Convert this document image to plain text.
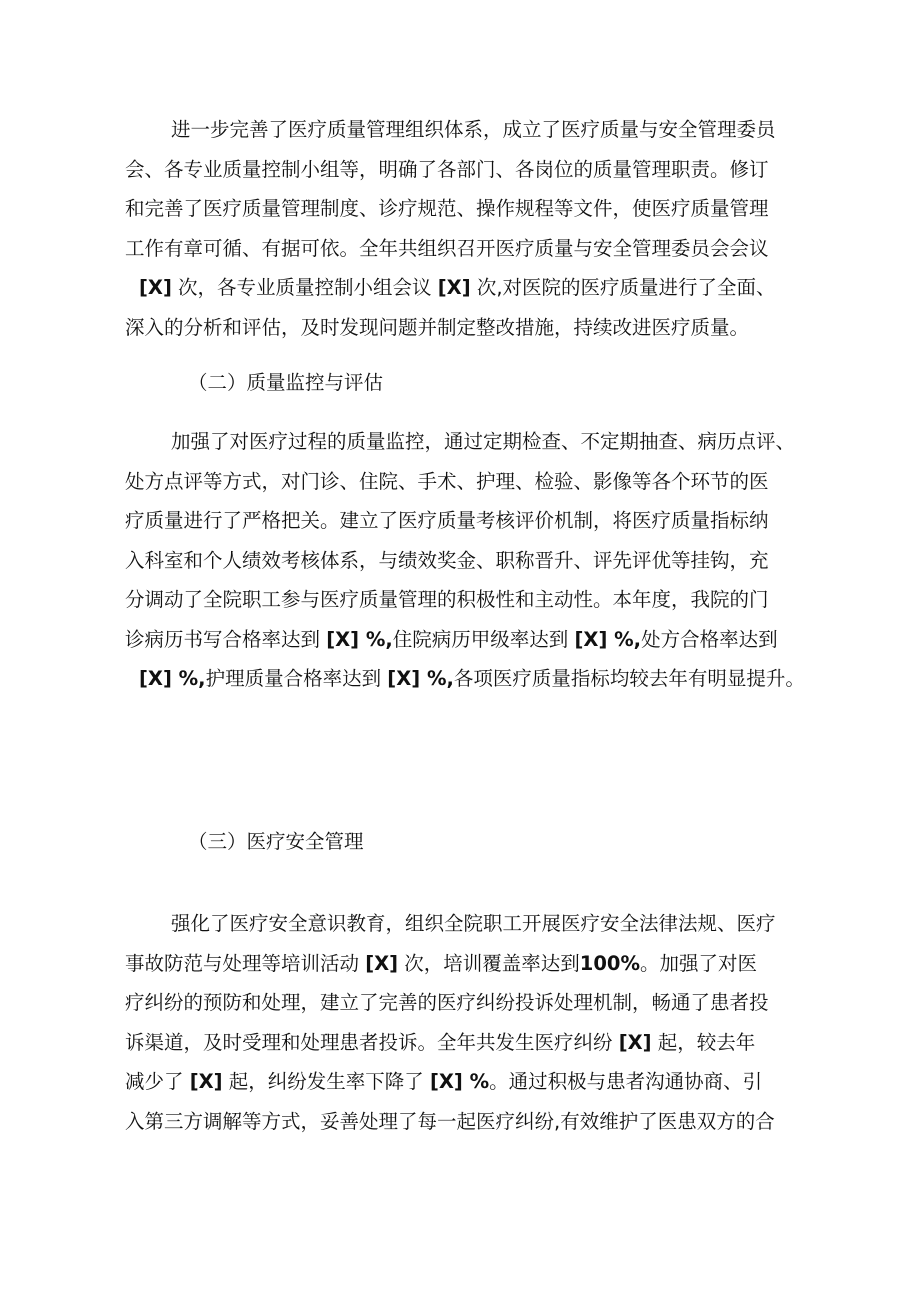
进一步完善了医疗质量管理组织体系，成立了医疗质量与安全管理委员
会、各专业质量控制小组等，明确了各部门、各岗位的质量管理职责。修订
和完善了医疗质量管理制度、诊疗规范、操作规程等文件，使医疗质量管理
工作有章可循、有据可依。全年共组织召开医疗质量与安全管理委员会会议
[X] 次，各专业质量控制小组会议 [X] 次,对医院的医疗质量进行了全面、
深入的分析和评估，及时发现问题并制定整改措施，持续改进医疗质量。
（二）质量监控与评估
加强了对医疗过程的质量监控，通过定期检查、不定期抽查、病历点评、
处方点评等方式，对门诊、住院、手术、护理、检验、影像等各个环节的医
疗质量进行了严格把关。建立了医疗质量考核评价机制，将医疗质量指标纳
入科室和个人绩效考核体系，与绩效奖金、职称晋升、评先评优等挂钩，充
分调动了全院职工参与医疗质量管理的积极性和主动性。本年度，我院的门
诊病历书写合格率达到 [X] %,住院病历甲级率达到 [X] %,处方合格率达到
[X] %,护理质量合格率达到 [X] %,各项医疗质量指标均较去年有明显提升。
（三）医疗安全管理
强化了医疗安全意识教育，组织全院职工开展医疗安全法律法规、医疗
事故防范与处理等培训活动 [X] 次，培训覆盖率达到100%。加强了对医
疗纠纷的预防和处理，建立了完善的医疗纠纷投诉处理机制，畅通了患者投
诉渠道，及时受理和处理患者投诉。全年共发生医疗纠纷 [X] 起，较去年
减少了 [X] 起，纠纷发生率下降了 [X] %。通过积极与患者沟通协商、引
入第三方调解等方式，妥善处理了每一起医疗纠纷,有效维护了医患双方的合
